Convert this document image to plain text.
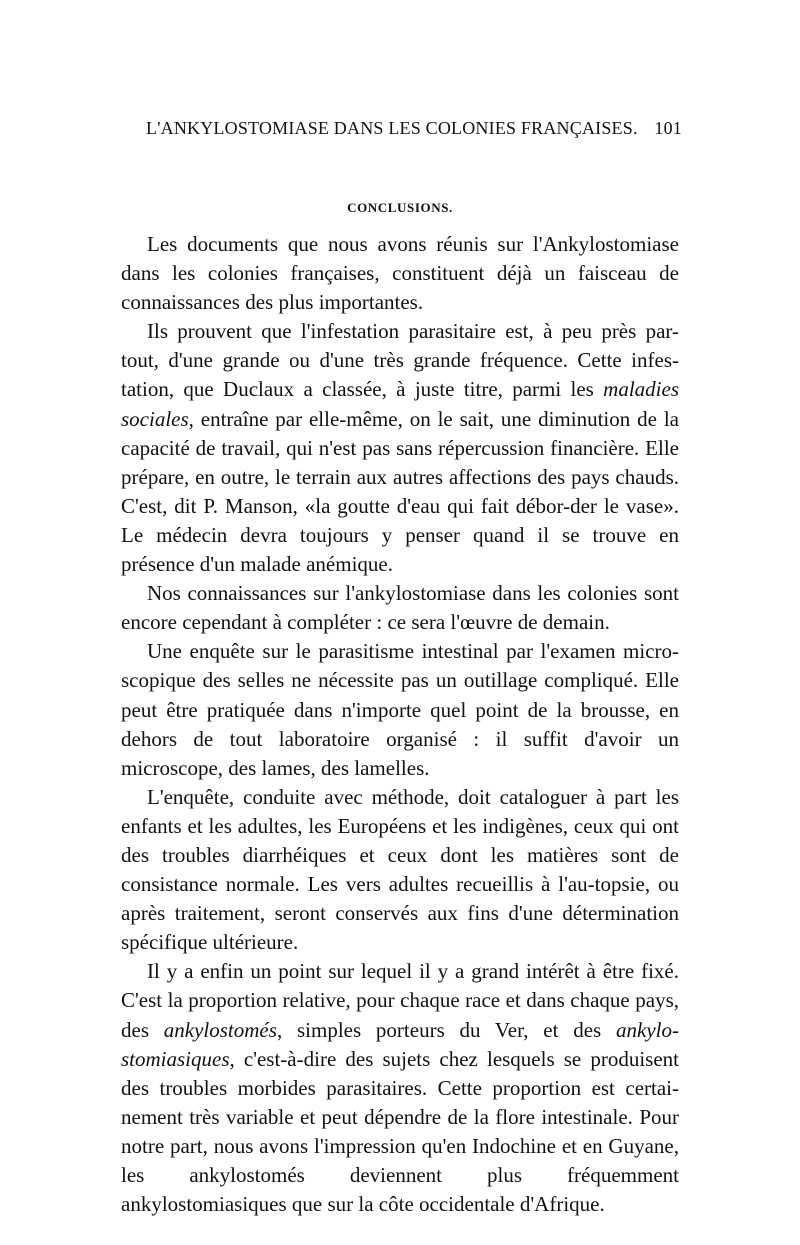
L'ANKYLOSTOMIASE DANS LES COLONIES FRANÇAISES. 101
CONCLUSIONS.

Les documents que nous avons réunis sur l'Ankylostomiase dans les colonies françaises, constituent déjà un faisceau de connaissances des plus importantes.

Ils prouvent que l'infestation parasitaire est, à peu près par-tout, d'une grande ou d'une très grande fréquence. Cette infes-tation, que Duclaux a classée, à juste titre, parmi les maladies sociales, entraîne par elle-même, on le sait, une diminution de la capacité de travail, qui n'est pas sans répercussion financière. Elle prépare, en outre, le terrain aux autres affections des pays chauds. C'est, dit P. Manson, «la goutte d'eau qui fait débor-der le vase». Le médecin devra toujours y penser quand il se trouve en présence d'un malade anémique.

Nos connaissances sur l'ankylostomiase dans les colonies sont encore cependant à compléter : ce sera l'œuvre de demain.

Une enquête sur le parasitisme intestinal par l'examen micro-scopique des selles ne nécessite pas un outillage compliqué. Elle peut être pratiquée dans n'importe quel point de la brousse, en dehors de tout laboratoire organisé : il suffit d'avoir un microscope, des lames, des lamelles.

L'enquête, conduite avec méthode, doit cataloguer à part les enfants et les adultes, les Européens et les indigènes, ceux qui ont des troubles diarrhéiques et ceux dont les matières sont de consistance normale. Les vers adultes recueillis à l'au-topsie, ou après traitement, seront conservés aux fins d'une détermination spécifique ultérieure.

Il y a enfin un point sur lequel il y a grand intérêt à être fixé. C'est la proportion relative, pour chaque race et dans chaque pays, des ankylostomés, simples porteurs du Ver, et des ankylo-stomiasiques, c'est-à-dire des sujets chez lesquels se produisent des troubles morbides parasitaires. Cette proportion est certai-nement très variable et peut dépendre de la flore intestinale. Pour notre part, nous avons l'impression qu'en Indochine et en Guyane, les ankylostomés deviennent plus fréquemment ankylostomiasiques que sur la côte occidentale d'Afrique.
